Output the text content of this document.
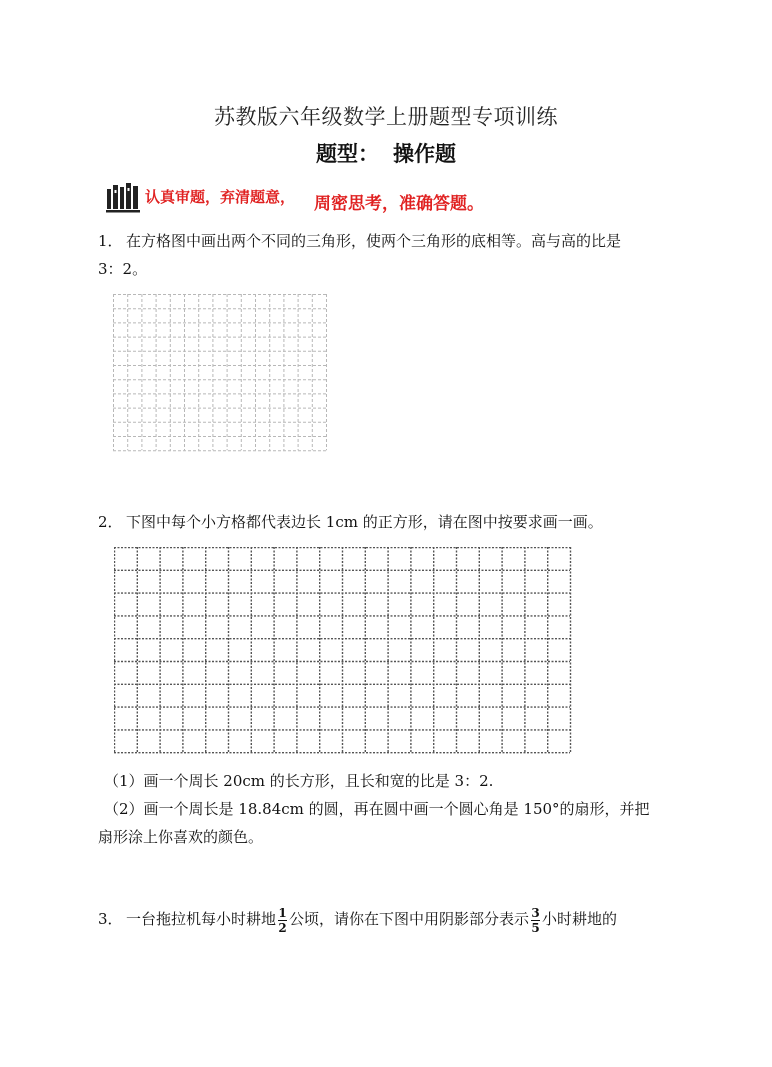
苏教版六年级数学上册题型专项训练
题型： 操作题
认真审题，弃清题意， 周密思考，准确答题。
1． 在方格图中画出两个不同的三角形，使两个三角形的底相等。高与高的比是
3：2。
2． 下图中每个小方格都代表边长 1cm 的正方形，请在图中按要求画一画。
（1）画一个周长 20cm 的长方形，且长和宽的比是 3：2.
（2）画一个周长是 18.84cm 的圆，再在圆中画一个圆心角是 150°的扇形，并把
扇形涂上你喜欢的颜色。
3． 一台拖拉机每小时耕地 $\frac{1}{2}$ 公顷，请你在下图中用阴影部分表示 $\frac{3}{5}$ 小时耕地的
